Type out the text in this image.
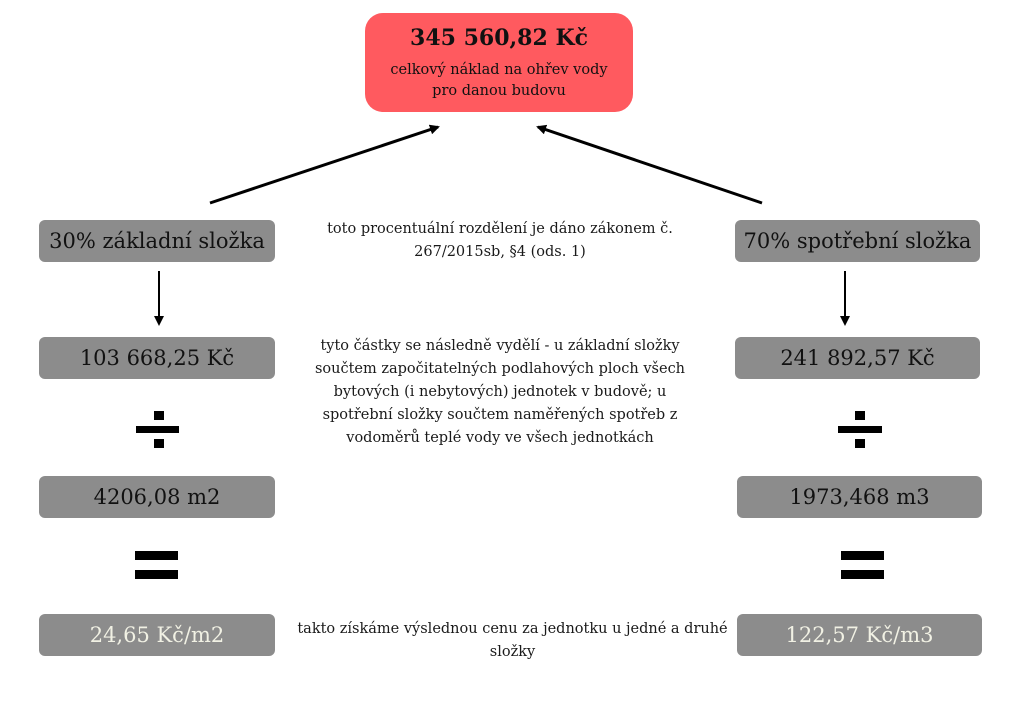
345 560,82 Kč
celkový náklad na ohřev vody
pro danou budovu
30% základní složka
103 668,25 Kč
4206,08 m2
24,65 Kč/m2
70% spotřební složka
241 892,57 Kč
1973,468 m3
122,57 Kč/m3
toto procentuální rozdělení je dáno zákonem č.
267/2015sb, §4 (ods. 1)
tyto částky se následně vydělí - u základní složky
součtem započitatelných podlahových ploch všech
bytových (i nebytových) jednotek v budově; u
spotřební složky součtem naměřených spotřeb z
vodoměrů teplé vody ve všech jednotkách
takto získáme výslednou cenu za jednotku u jedné a druhé
složky
